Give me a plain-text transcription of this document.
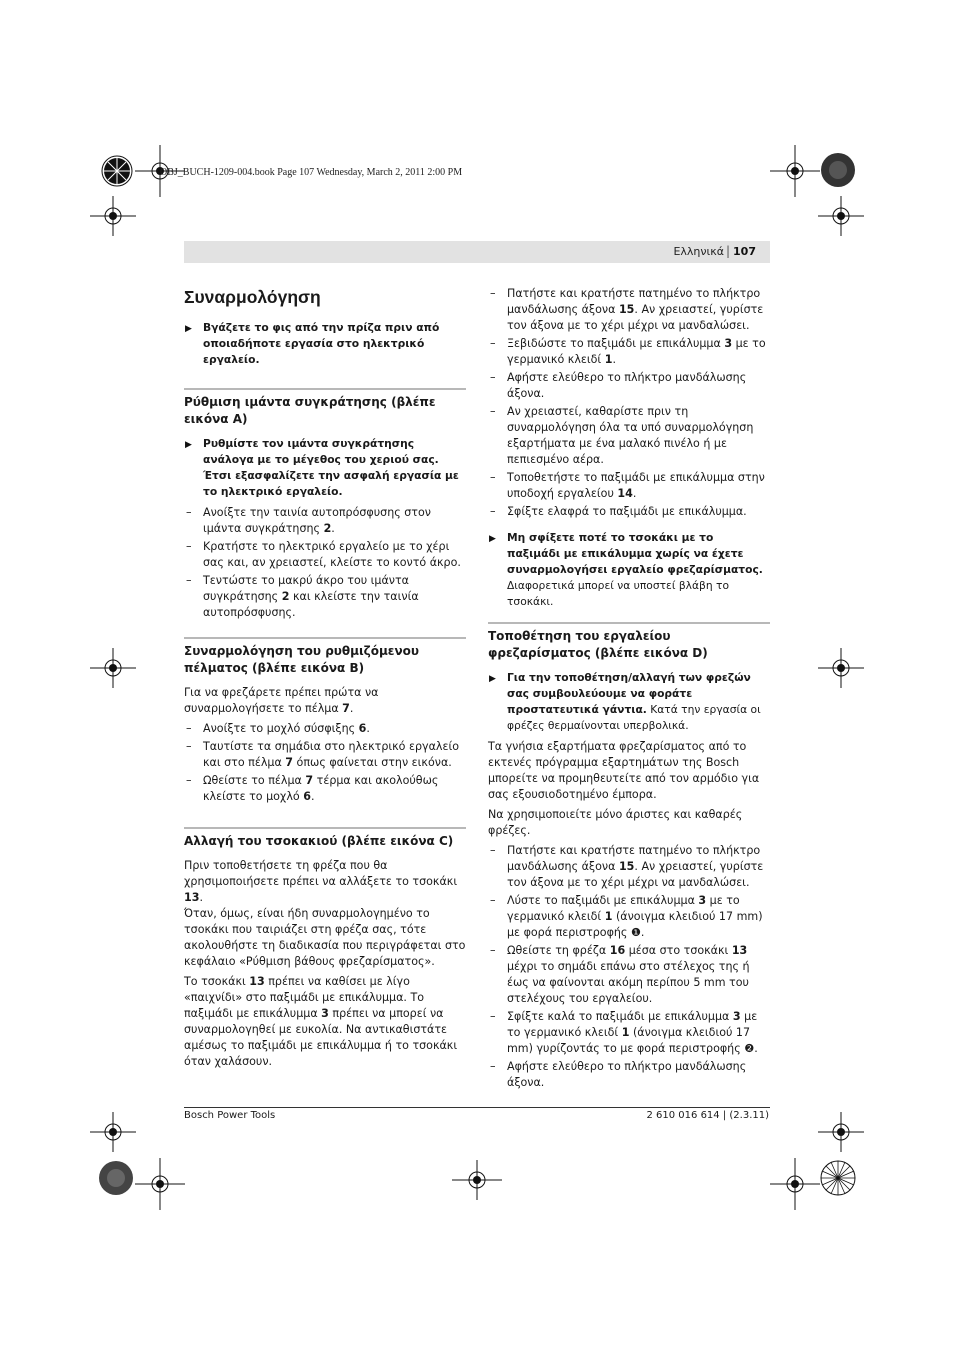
OBJ_BUCH-1209-004.book Page 107 Wednesday, March 2, 2011 2:00 PM
Ελληνικά | 107
Συναρμολόγηση
▶ Βγάζετε το φις από την πρίζα πριν από οποιαδήποτε εργασία στο ηλεκτρικό εργαλείο.
Ρύθμιση ιμάντα συγκράτησης (βλέπε εικόνα A)
▶ Ρυθμίστε τον ιμάντα συγκράτησης ανάλογα με το μέγεθος του χεριού σας. Έτσι εξασφαλίζετε την ασφαλή εργασία με το ηλεκτρικό εργαλείο.
– Ανοίξτε την ταινία αυτοπρόσφυσης στον ιμάντα συγκράτησης 2.
– Κρατήστε το ηλεκτρικό εργαλείο με το χέρι σας και, αν χρειαστεί, κλείστε το κοντό άκρο.
– Τεντώστε το μακρύ άκρο του ιμάντα συγκράτησης 2 και κλείστε την ταινία αυτοπρόσφυσης.
Συναρμολόγηση του ρυθμιζόμενου πέλματος (βλέπε εικόνα B)
Για να φρεζάρετε πρέπει πρώτα να συναρμολογήσετε το πέλμα 7.
– Ανοίξτε το μοχλό σύσφιξης 6.
– Ταυτίστε τα σημάδια στο ηλεκτρικό εργαλείο και στο πέλμα 7 όπως φαίνεται στην εικόνα.
– Ωθείστε το πέλμα 7 τέρμα και ακολούθως κλείστε το μοχλό 6.
Αλλαγή του τσοκακιού (βλέπε εικόνα C)
Πριν τοποθετήσετε τη φρέζα που θα χρησιμοποιήσετε πρέπει να αλλάξετε το τσοκάκι 13.
Όταν, όμως, είναι ήδη συναρμολογημένο το τσοκάκι που ταιριάζει στη φρέζα σας, τότε ακολουθήστε τη διαδικασία που περιγράφεται στο κεφάλαιο «Ρύθμιση βάθους φρεζαρίσματος».
Το τσοκάκι 13 πρέπει να καθίσει με λίγο «παιχνίδι» στο παξιμάδι με επικάλυμμα. Το παξιμάδι με επικάλυμμα 3 πρέπει να μπορεί να συναρμολογηθεί με ευκολία. Να αντικαθιστάτε αμέσως το παξιμάδι με επικάλυμμα ή το τσοκάκι όταν χαλάσουν.
– Πατήστε και κρατήστε πατημένο το πλήκτρο μανδάλωσης άξονα 15. Αν χρειαστεί, γυρίστε τον άξονα με το χέρι μέχρι να μανδαλώσει.
– Ξεβιδώστε το παξιμάδι με επικάλυμμα 3 με το γερμανικό κλειδί 1.
– Αφήστε ελεύθερο το πλήκτρο μανδάλωσης άξονα.
– Αν χρειαστεί, καθαρίστε πριν τη συναρμολόγηση όλα τα υπό συναρμολόγηση εξαρτήματα με ένα μαλακό πινέλο ή με πεπιεσμένο αέρα.
– Τοποθετήστε το παξιμάδι με επικάλυμμα στην υποδοχή εργαλείου 14.
– Σφίξτε ελαφρά το παξιμάδι με επικάλυμμα.
▶ Μη σφίξετε ποτέ το τσοκάκι με το παξιμάδι με επικάλυμμα χωρίς να έχετε συναρμολογήσει εργαλείο φρεζαρίσματος. Διαφορετικά μπορεί να υποστεί βλάβη το τσοκάκι.
Τοποθέτηση του εργαλείου φρεζαρίσματος (βλέπε εικόνα D)
▶ Για την τοποθέτηση/αλλαγή των φρεζών σας συμβουλεύουμε να φοράτε προστατευτικά γάντια. Κατά την εργασία οι φρέζες θερμαίνονται υπερβολικά.
Τα γνήσια εξαρτήματα φρεζαρίσματος από το εκτενές πρόγραμμα εξαρτημάτων της Bosch μπορείτε να προμηθευτείτε από τον αρμόδιο για σας εξουσιοδοτημένο έμπορα.
Να χρησιμοποιείτε μόνο άριστες και καθαρές φρέζες.
– Πατήστε και κρατήστε πατημένο το πλήκτρο μανδάλωσης άξονα 15. Αν χρειαστεί, γυρίστε τον άξονα με το χέρι μέχρι να μανδαλώσει.
– Λύστε το παξιμάδι με επικάλυμμα 3 με το γερμανικό κλειδί 1 (άνοιγμα κλειδιού 17 mm) με φορά περιστροφής ❶.
– Ωθείστε τη φρέζα 16 μέσα στο τσοκάκι 13 μέχρι το σημάδι επάνω στο στέλεχος της ή έως να φαίνονται ακόμη περίπου 5 mm του στελέχους του εργαλείου.
– Σφίξτε καλά το παξιμάδι με επικάλυμμα 3 με το γερμανικό κλειδί 1 (άνοιγμα κλειδιού 17 mm) γυρίζοντάς το με φορά περιστροφής ❷.
– Αφήστε ελεύθερο το πλήκτρο μανδάλωσης άξονα.
Bosch Power Tools	2 610 016 614 | (2.3.11)
